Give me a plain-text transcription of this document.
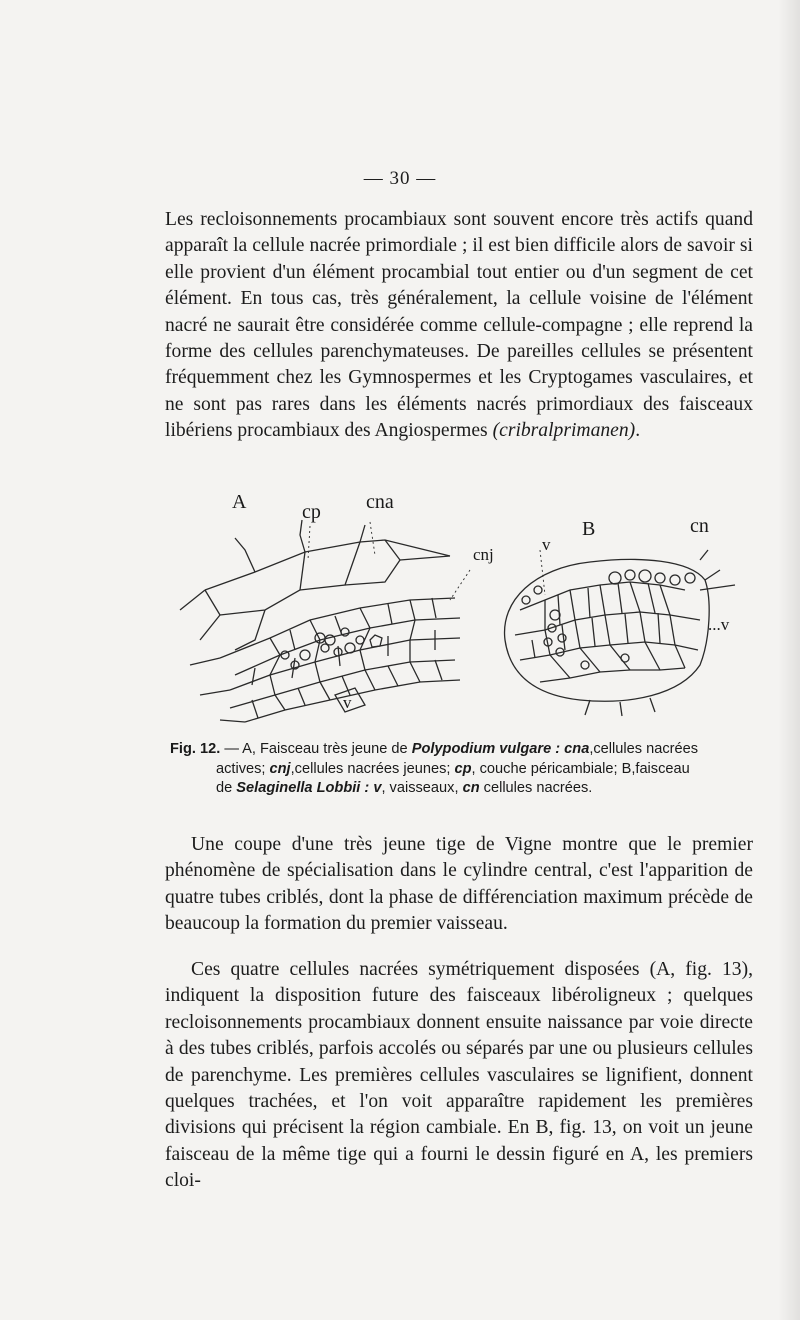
— 30 —

Les recloisonnements procambiaux sont souvent encore très actifs quand apparaît la cellule nacrée primordiale ; il est bien difficile alors de savoir si elle provient d'un élément procambial tout entier ou d'un segment de cet élément. En tous cas, très généralement, la cellule voisine de l'élément nacré ne saurait être considérée comme cellule-compagne ; elle reprend la forme des cellules parenchymateuses. De pareilles cellules se présentent fréquemment chez les Gymnospermes et les Cryptogames vasculaires, et ne sont pas rares dans les éléments nacrés primordiaux des faisceaux libériens procambiaux des Angiospermes (cribralprimanen).

A	cp cna
cnj
v
B
v
cn
...v

Fig. 12. — A, Faisceau très jeune de Polypodium vulgare : cna,cellules nacrées
actives; cnj,cellules nacrées jeunes; cp, couche péricambiale; B,faisceau
de Selaginella Lobbii : v, vaisseaux, cn cellules nacrées.

Une coupe d'une très jeune tige de Vigne montre que le premier phénomène de spécialisation dans le cylindre central, c'est l'apparition de quatre tubes criblés, dont la phase de différenciation maximum précède de beaucoup la formation du premier vaisseau.

Ces quatre cellules nacrées symétriquement disposées (A, fig. 13), indiquent la disposition future des faisceaux libéroligneux ; quelques recloisonnements procambiaux donnent ensuite naissance par voie directe à des tubes criblés, parfois accolés ou séparés par une ou plusieurs cellules de parenchyme. Les premières cellules vasculaires se lignifient, donnent quelques trachées, et l'on voit apparaître rapidement les premières divisions qui précisent la région cambiale. En B, fig. 13, on voit un jeune faisceau de la même tige qui a fourni le dessin figuré en A, les premiers cloi-
